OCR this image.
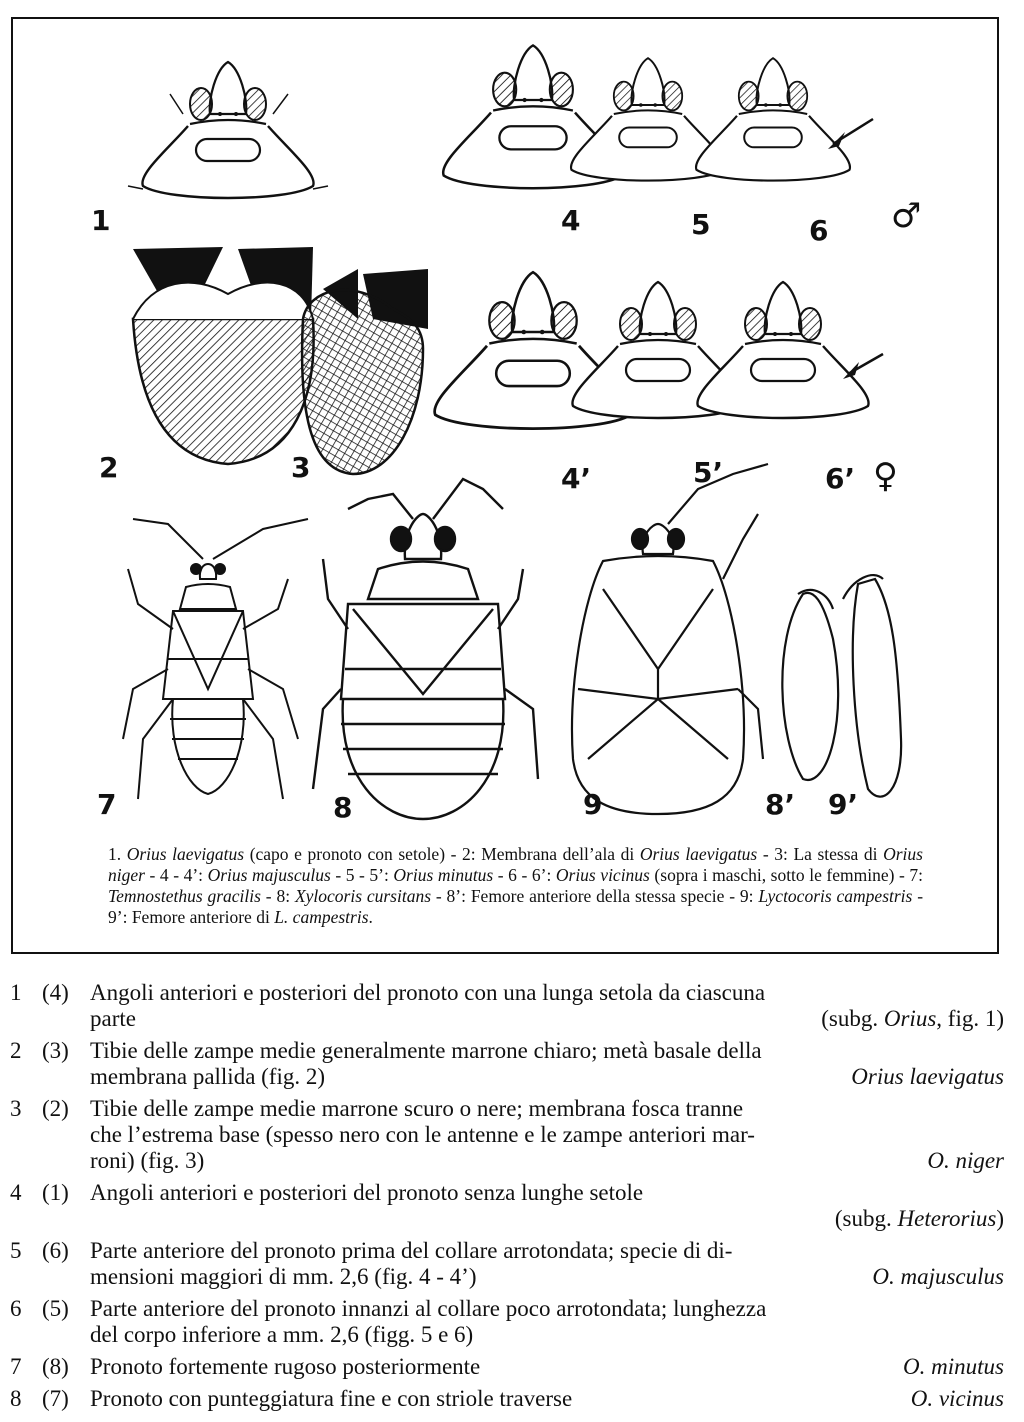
1	4	5	6 ♂
2	3	4’	5’	6’ ♀
7	8	9	8’ 9’
1. Orius laevigatus (capo e pronoto con setole) - 2: Membrana dell’ala di Orius laevigatus - 3: La stessa di Orius niger - 4 - 4’: Orius majusculus - 5 - 5’: Orius minutus - 6 - 6’: Orius vicinus (sopra i maschi, sotto le femmine) - 7: Temnostethus gracilis - 8: Xylocoris cursitans - 8’: Femore anteriore della stessa specie - 9: Lyctocoris campestris - 9’: Femore anteriore di L. campestris.
1 (4) Angoli anteriori e posteriori del pronoto con una lunga setola da ciascuna
parte	(subg. Orius, fig. 1)
2 (3) Tibie delle zampe medie generalmente marrone chiaro; metà basale della
membrana pallida (fig. 2)	Orius laevigatus
3 (2) Tibie delle zampe medie marrone scuro o nere; membrana fosca tranne
che l’estrema base (spesso nero con le antenne e le zampe anteriori mar-
roni) (fig. 3)	O. niger
4 (1) Angoli anteriori e posteriori del pronoto senza lunghe setole
(subg. Heterorius)
5 (6) Parte anteriore del pronoto prima del collare arrotondata; specie di di-
mensioni maggiori di mm. 2,6 (fig. 4 - 4’)	O. majusculus
6 (5) Parte anteriore del pronoto innanzi al collare poco arrotondata; lunghezza
del corpo inferiore a mm. 2,6 (figg. 5 e 6)
7 (8) Pronoto fortemente rugoso posteriormente	O. minutus
8 (7) Pronoto con punteggiatura fine e con striole traverse	O. vicinus
